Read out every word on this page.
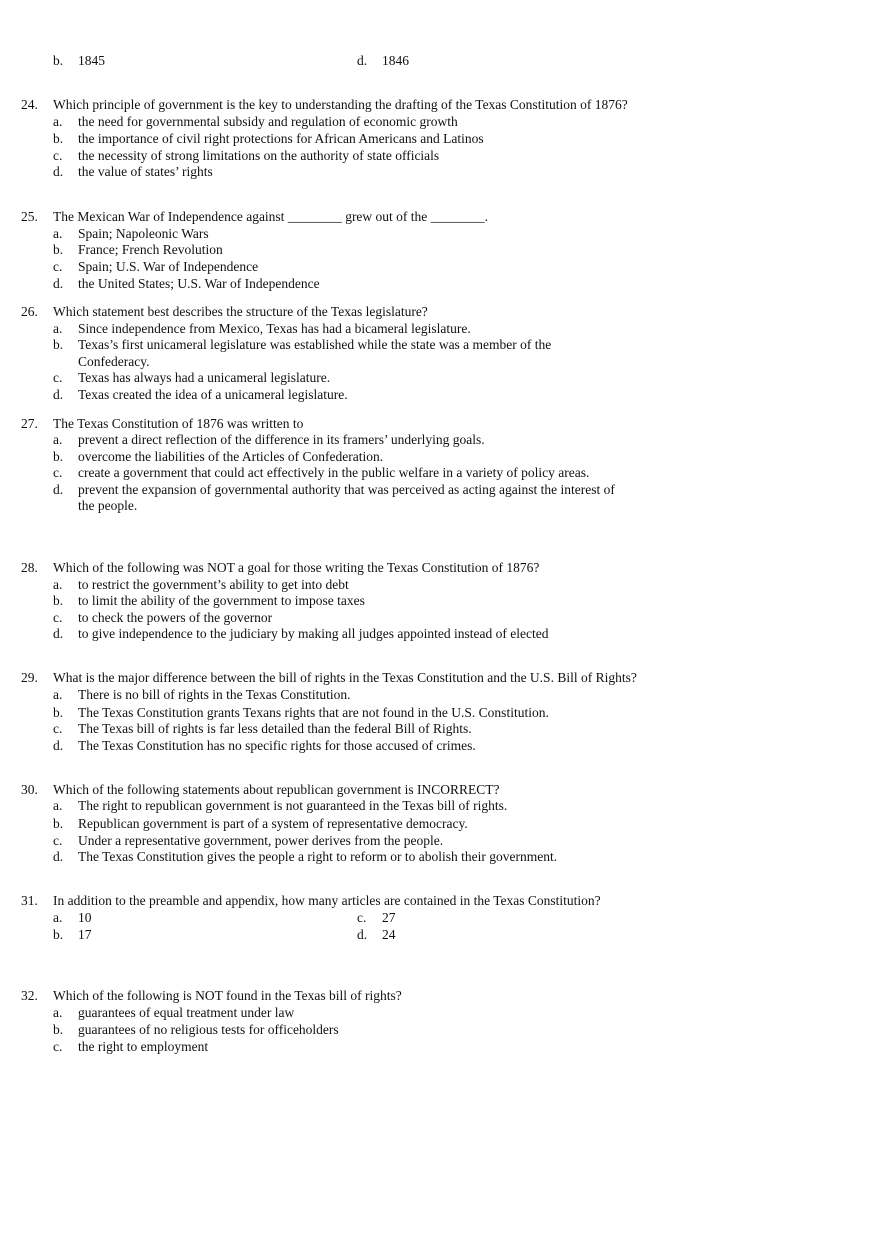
b. 1845	d. 1846
24. Which principle of government is the key to understanding the drafting of the Texas Constitution of 1876?
a. the need for governmental subsidy and regulation of economic growth
b. the importance of civil right protections for African Americans and Latinos
c. the necessity of strong limitations on the authority of state officials
d. the value of states’ rights
25. The Mexican War of Independence against ________ grew out of the ________.
a. Spain; Napoleonic Wars
b. France; French Revolution
c. Spain; U.S. War of Independence
d. the United States; U.S. War of Independence
26. Which statement best describes the structure of the Texas legislature?
a. Since independence from Mexico, Texas has had a bicameral legislature.
b. Texas’s first unicameral legislature was established while the state was a member of the
Confederacy.
c. Texas has always had a unicameral legislature.
d. Texas created the idea of a unicameral legislature.
27. The Texas Constitution of 1876 was written to
a. prevent a direct reflection of the difference in its framers’ underlying goals.
b. overcome the liabilities of the Articles of Confederation.
c. create a government that could act effectively in the public welfare in a variety of policy areas.
d. prevent the expansion of governmental authority that was perceived as acting against the interest of
the people.
28. Which of the following was NOT a goal for those writing the Texas Constitution of 1876?
a. to restrict the government’s ability to get into debt
b. to limit the ability of the government to impose taxes
c. to check the powers of the governor
d. to give independence to the judiciary by making all judges appointed instead of elected
29. What is the major difference between the bill of rights in the Texas Constitution and the U.S. Bill of Rights?
a. There is no bill of rights in the Texas Constitution.
b. The Texas Constitution grants Texans rights that are not found in the U.S. Constitution.
c. The Texas bill of rights is far less detailed than the federal Bill of Rights.
d. The Texas Constitution has no specific rights for those accused of crimes.
30. Which of the following statements about republican government is INCORRECT?
a. The right to republican government is not guaranteed in the Texas bill of rights.
b. Republican government is part of a system of representative democracy.
c. Under a representative government, power derives from the people.
d. The Texas Constitution gives the people a right to reform or to abolish their government.
31. In addition to the preamble and appendix, how many articles are contained in the Texas Constitution?
a. 10	c. 27
b. 17	d. 24
32. Which of the following is NOT found in the Texas bill of rights?
a. guarantees of equal treatment under law
b. guarantees of no religious tests for officeholders
c. the right to employment
